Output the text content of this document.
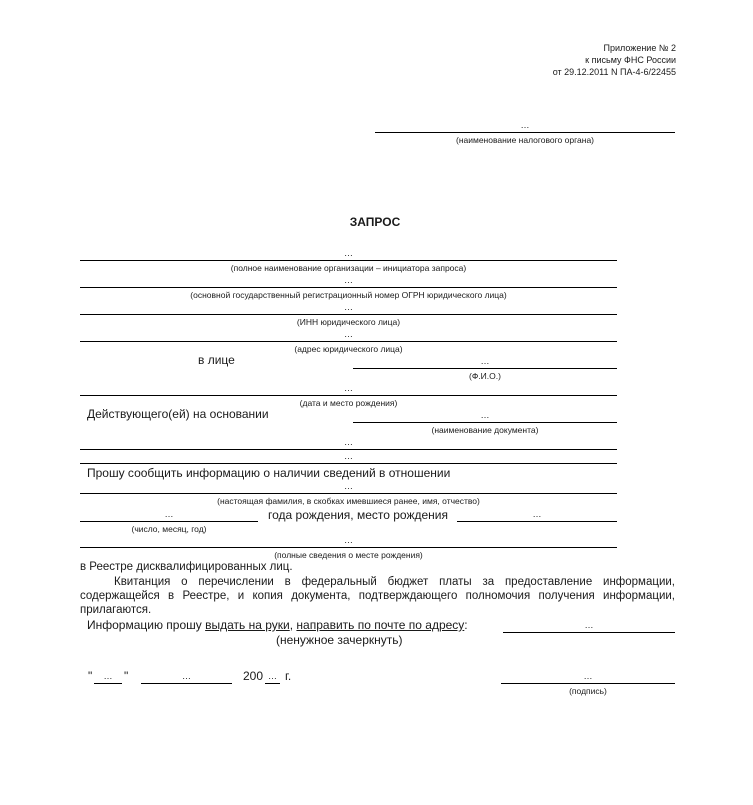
Приложение № 2
к письму ФНС России
от 29.12.2011 N ПА-4-6/22455
…
(наименование налогового органа)
ЗАПРОС
…
(полное наименование организации – инициатора запроса)
…
(основной государственный регистрационный номер ОГРН юридического лица)
…
(ИНН юридического лица)
…
(адрес юридического лица)
в лице	…
(Ф.И.О.)
…
(дата и место рождения)
Действующего(ей) на основании	…
(наименование документа)
…
…
Прошу сообщить информацию о наличии сведений в отношении
…
(настоящая фамилия, в скобках имевшиеся ранее, имя, отчество)
…	года рождения, место рождения	…
(число, месяц, год)
…
(полные сведения о месте рождения)
в Реестре дисквалифицированных лиц.
Квитанция о перечислении в федеральный бюджет платы за предоставление информации, содержащейся в Реестре, и копия документа, подтверждающего полномочия получения информации, прилагаются.
Информацию прошу выдать на руки, направить по почте по адресу:	…
(ненужное зачеркнуть)
"	… "	…	200 … г.	…
(подпись)
